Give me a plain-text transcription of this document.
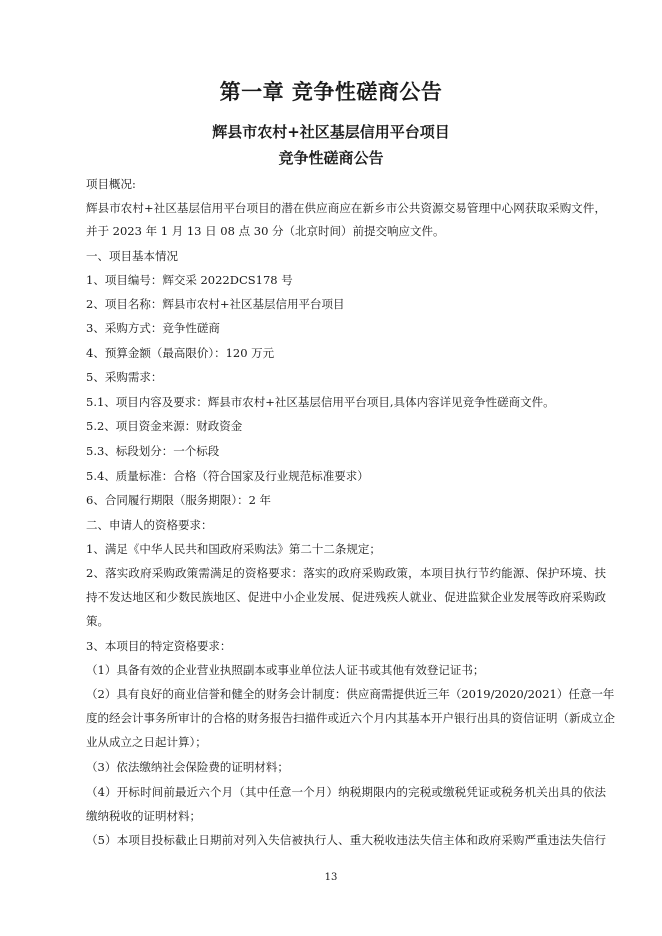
第一章 竞争性磋商公告
辉县市农村+社区基层信用平台项目
竞争性磋商公告
项目概况:
辉县市农村+社区基层信用平台项目的潜在供应商应在新乡市公共资源交易管理中心网获取采购文件，
并于 2023 年 1 月 13 日 08 点 30 分（北京时间）前提交响应文件。
一、项目基本情况
1、项目编号：辉交采 2022DCS178 号
2、项目名称：辉县市农村+社区基层信用平台项目
3、采购方式：竞争性磋商
4、预算金额（最高限价）：120 万元
5、采购需求：
5.1、项目内容及要求：辉县市农村+社区基层信用平台项目,具体内容详见竞争性磋商文件。
5.2、项目资金来源：财政资金
5.3、标段划分：一个标段
5.4、质量标准：合格（符合国家及行业规范标准要求）
6、合同履行期限（服务期限）：2 年
二、申请人的资格要求：
1、满足《中华人民共和国政府采购法》第二十二条规定；
2、落实政府采购政策需满足的资格要求：落实的政府采购政策，本项目执行节约能源、保护环境、扶
持不发达地区和少数民族地区、促进中小企业发展、促进残疾人就业、促进监狱企业发展等政府采购政
策。
3、本项目的特定资格要求：
（1）具备有效的企业营业执照副本或事业单位法人证书或其他有效登记证书；
（2）具有良好的商业信誉和健全的财务会计制度：供应商需提供近三年（2019/2020/2021）任意一年
度的经会计事务所审计的合格的财务报告扫描件或近六个月内其基本开户银行出具的资信证明（新成立企
业从成立之日起计算）；
（3）依法缴纳社会保险费的证明材料；
（4）开标时间前最近六个月（其中任意一个月）纳税期限内的完税或缴税凭证或税务机关出具的依法
缴纳税收的证明材料；
（5）本项目投标截止日期前对列入失信被执行人、重大税收违法失信主体和政府采购严重违法失信行
13
